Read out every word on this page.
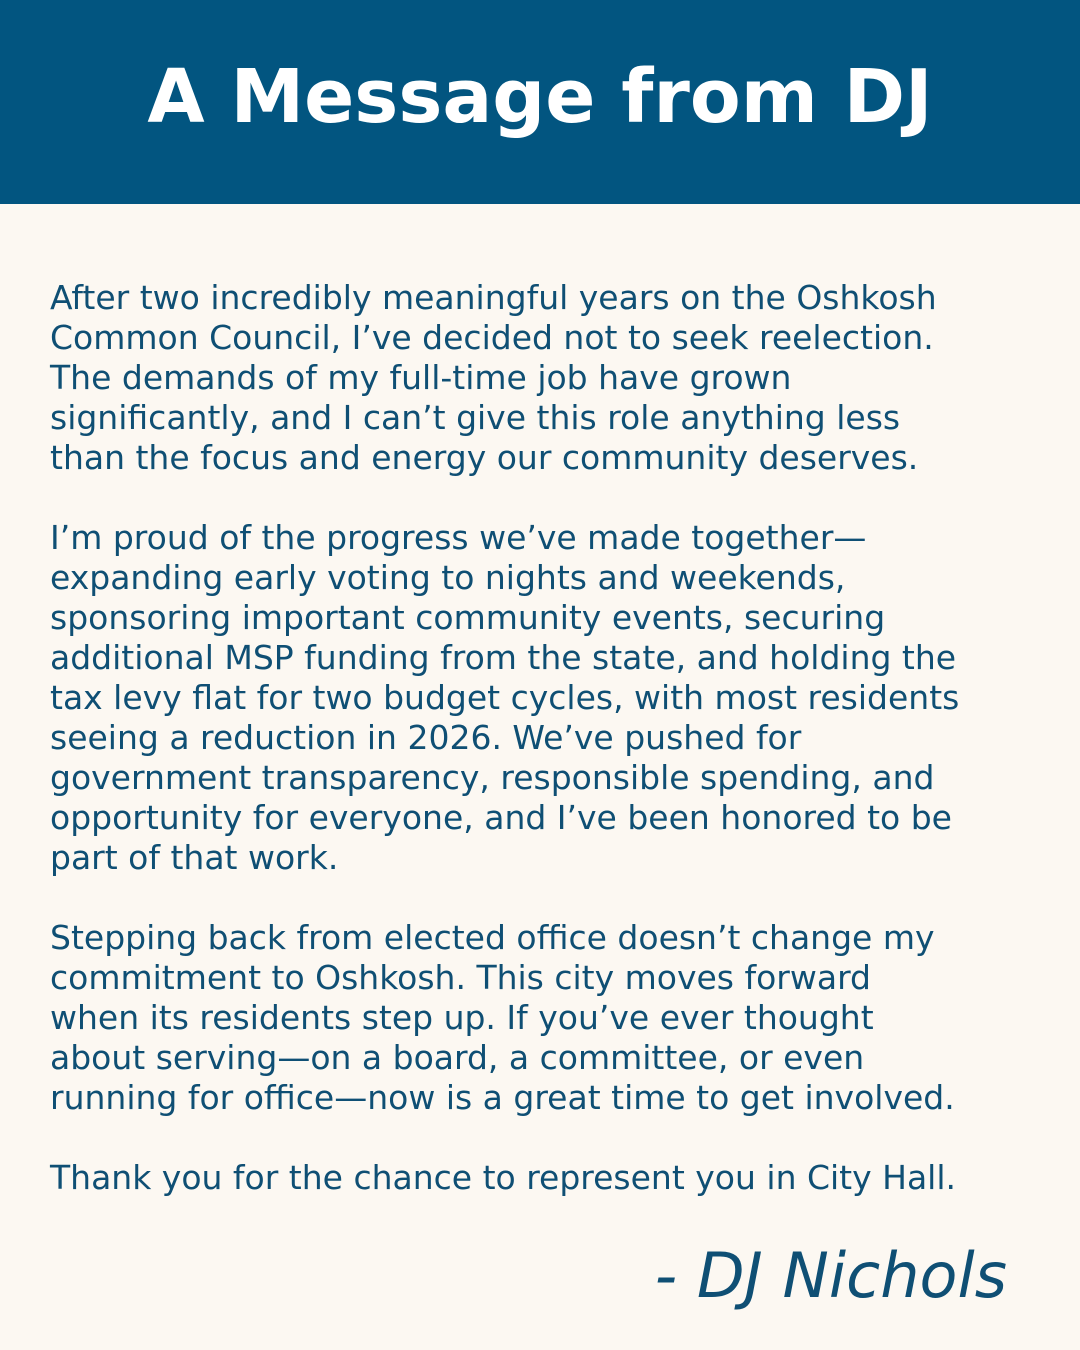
A Message from DJ

After two incredibly meaningful years on the Oshkosh
Common Council, I’ve decided not to seek reelection.
The demands of my full-time job have grown
significantly, and I can’t give this role anything less
than the focus and energy our community deserves.

I’m proud of the progress we’ve made together—
expanding early voting to nights and weekends,
sponsoring important community events, securing
additional MSP funding from the state, and holding the
tax levy flat for two budget cycles, with most residents
seeing a reduction in 2026. We’ve pushed for
government transparency, responsible spending, and
opportunity for everyone, and I’ve been honored to be
part of that work.

Stepping back from elected office doesn’t change my
commitment to Oshkosh. This city moves forward
when its residents step up. If you’ve ever thought
about serving—on a board, a committee, or even
running for office—now is a great time to get involved.

Thank you for the chance to represent you in City Hall.

- DJ Nichols
